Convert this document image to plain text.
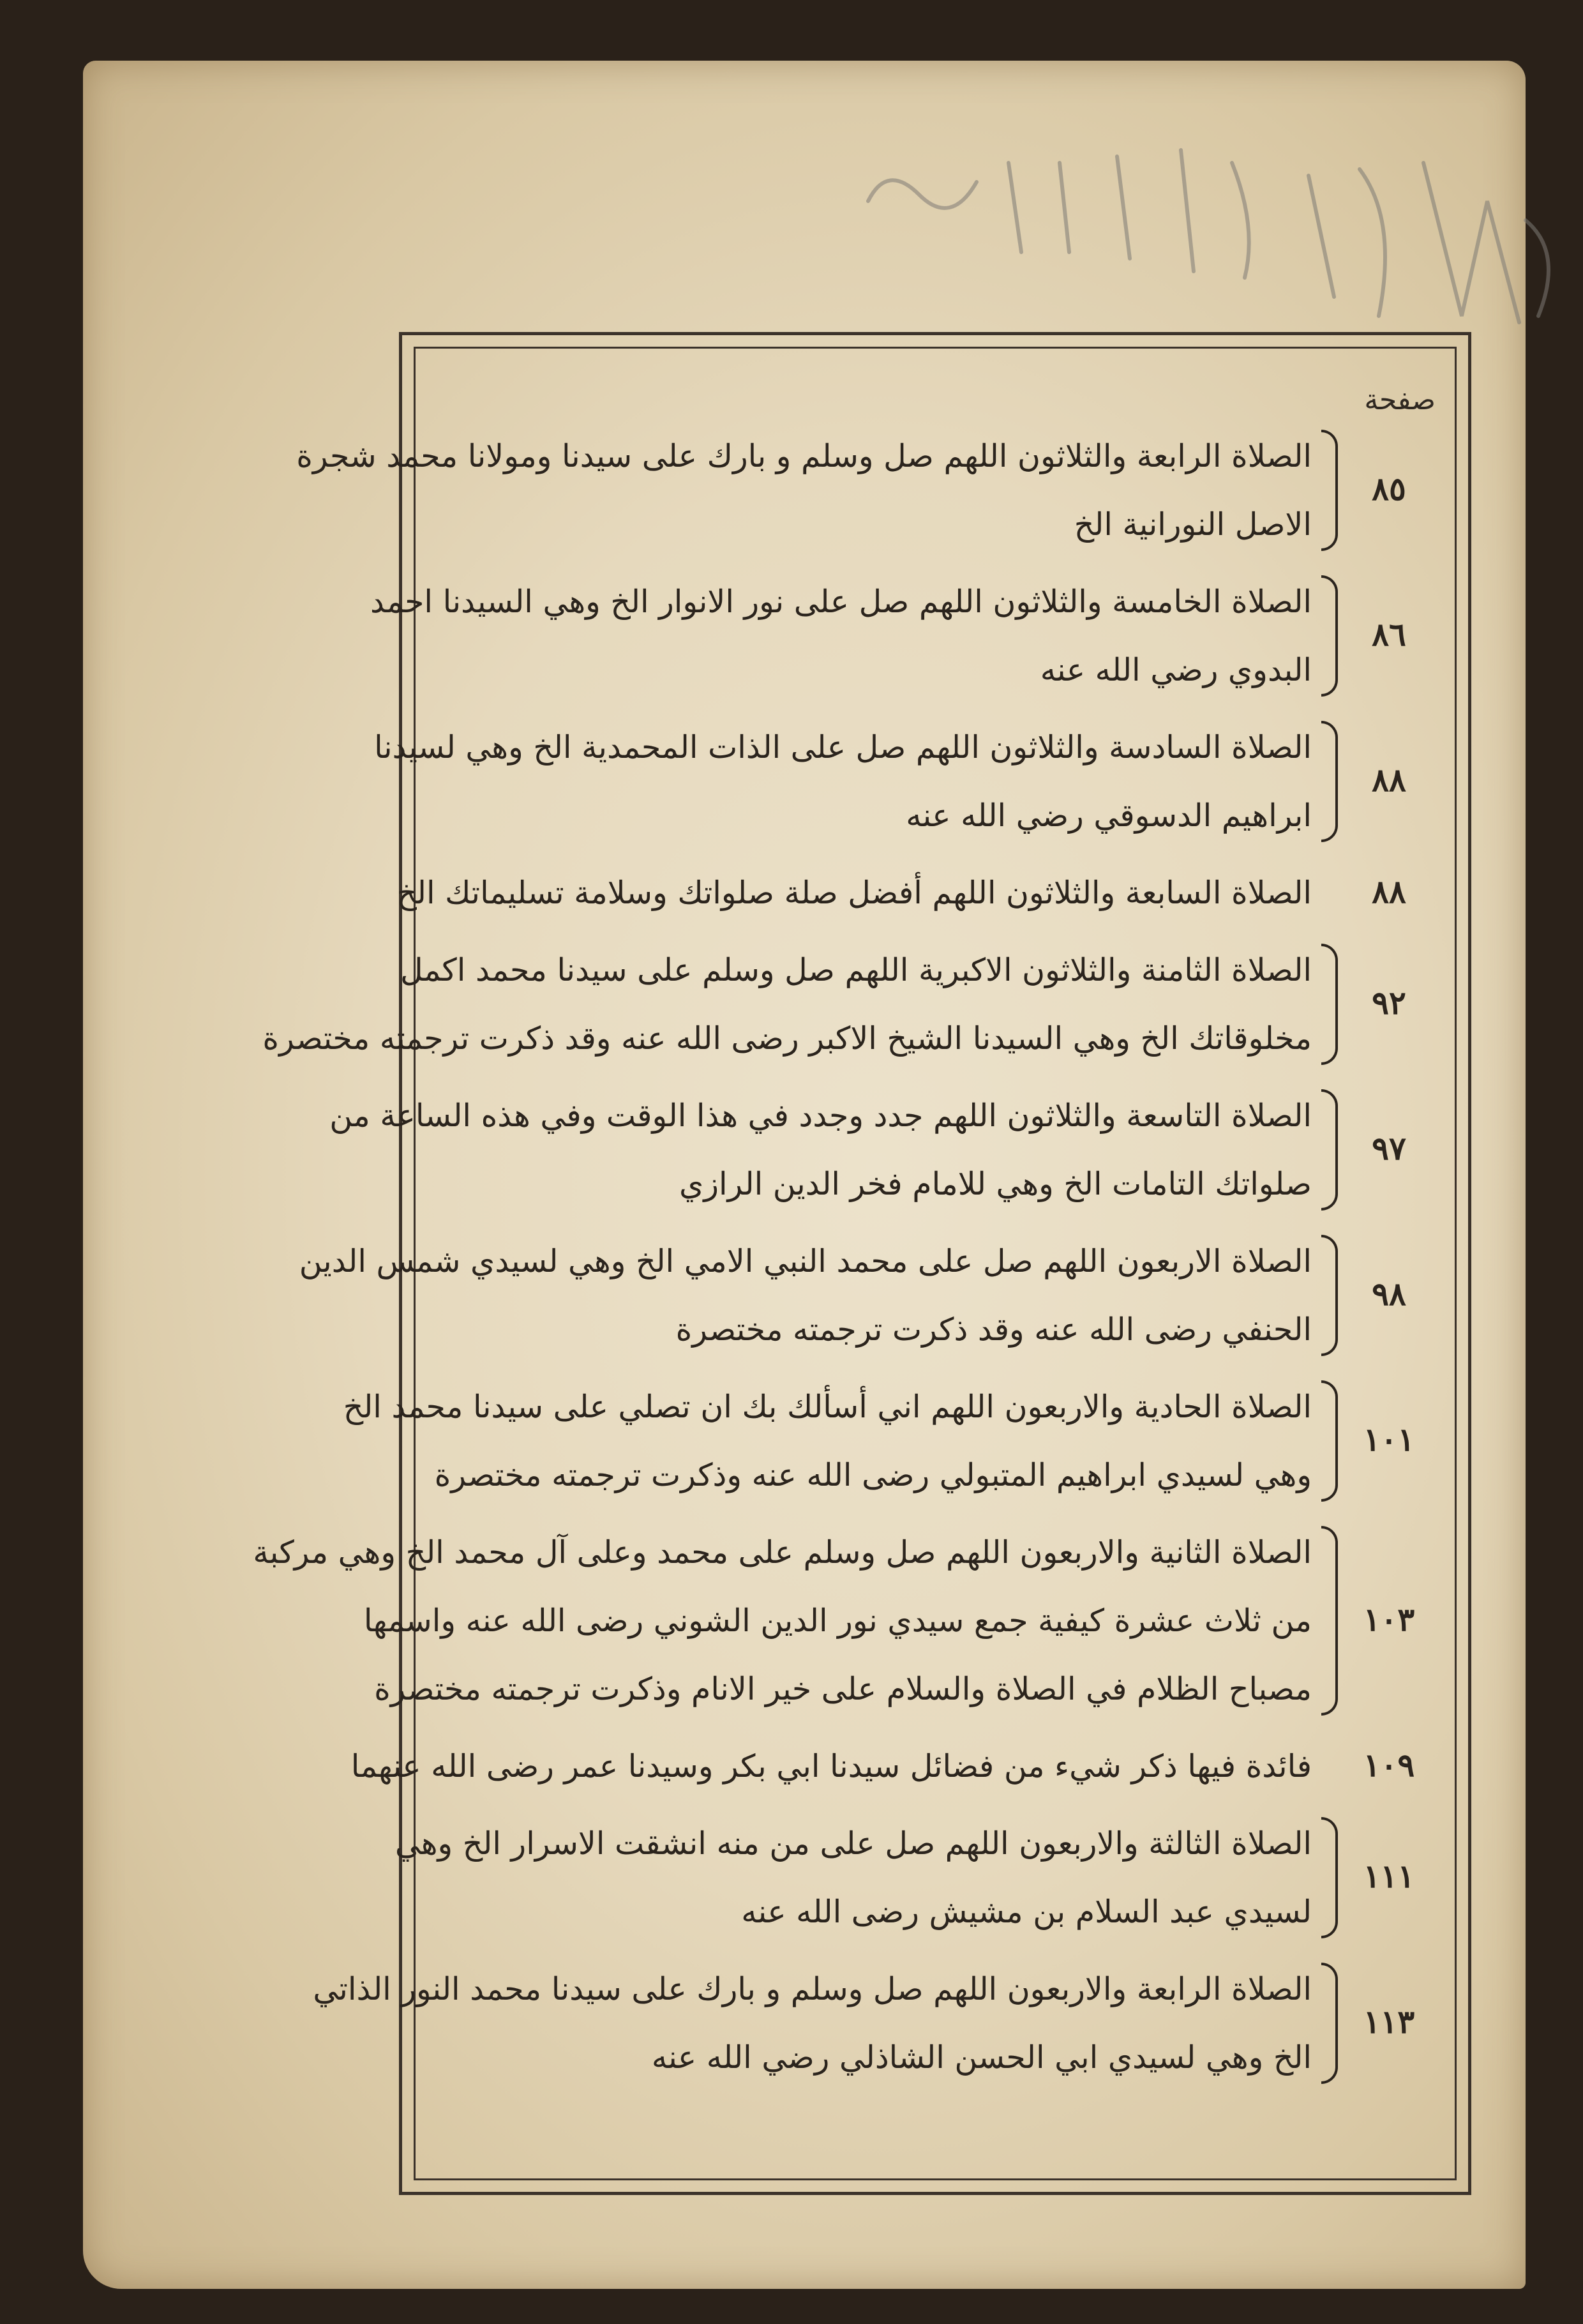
صفحة
٨٥
الصلاة الرابعة والثلاثون اللهم صل وسلم و بارك على سيدنا ومولانا محمد شجرة
الاصل النورانية الخ
٨٦
الصلاة الخامسة والثلاثون اللهم صل على نور الانوار الخ وهي السيدنا احمد
البدوي رضي الله عنه
٨٨
الصلاة السادسة والثلاثون اللهم صل على الذات المحمدية الخ وهي لسيدنا
ابراهيم الدسوقي رضي الله عنه
٨٨
الصلاة السابعة والثلاثون اللهم أفضل صلة صلواتك وسلامة تسليماتك الخ
٩٢
الصلاة الثامنة والثلاثون الاكبرية اللهم صل وسلم على سيدنا محمد اكمل
مخلوقاتك الخ وهي السيدنا الشيخ الاكبر رضى الله عنه وقد ذكرت ترجمته مختصرة
٩٧
الصلاة التاسعة والثلاثون اللهم جدد وجدد في هذا الوقت وفي هذه الساعة من
صلواتك التامات الخ وهي للامام فخر الدين الرازي
٩٨
الصلاة الاربعون اللهم صل على محمد النبي الامي الخ وهي لسيدي شمس الدين
الحنفي رضى الله عنه وقد ذكرت ترجمته مختصرة
١٠١
الصلاة الحادية والاربعون اللهم اني أسألك بك ان تصلي على سيدنا محمد الخ
وهي لسيدي ابراهيم المتبولي رضى الله عنه وذكرت ترجمته مختصرة
١٠٣
الصلاة الثانية والاربعون اللهم صل وسلم على محمد وعلى آل محمد الخ وهي مركبة
من ثلاث عشرة كيفية جمع سيدي نور الدين الشوني رضى الله عنه واسمها
مصباح الظلام في الصلاة والسلام على خير الانام وذكرت ترجمته مختصرة
١٠٩
فائدة فيها ذكر شيء من فضائل سيدنا ابي بكر وسيدنا عمر رضى الله عنهما
١١١
الصلاة الثالثة والاربعون اللهم صل على من منه انشقت الاسرار الخ وهي
لسيدي عبد السلام بن مشيش رضى الله عنه
١١٣
الصلاة الرابعة والاربعون اللهم صل وسلم و بارك على سيدنا محمد النور الذاتي
الخ وهي لسيدي ابي الحسن الشاذلي رضي الله عنه
